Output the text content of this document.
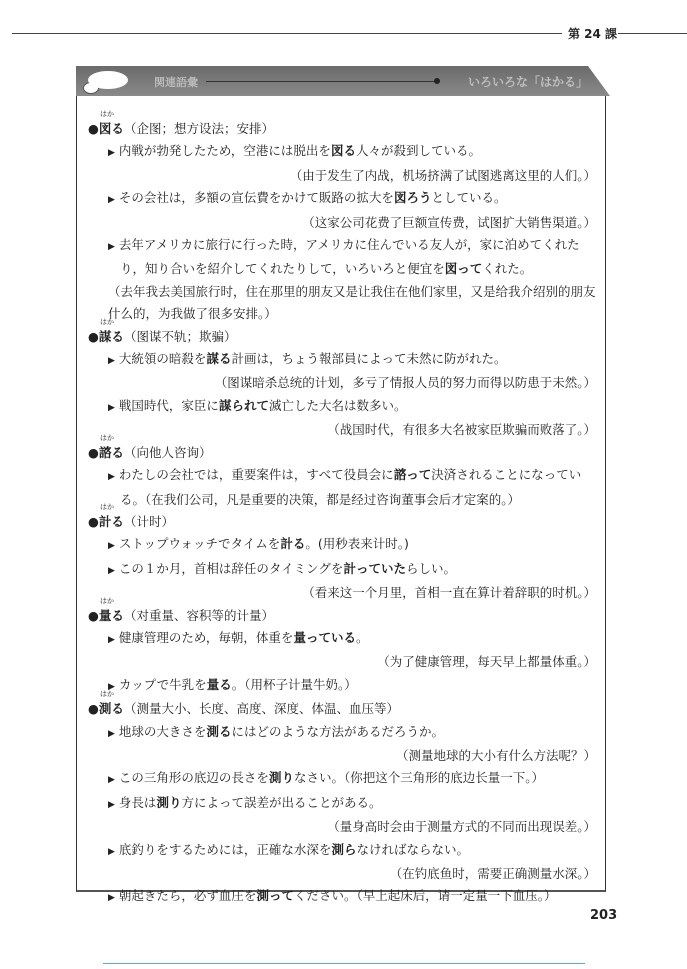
第 24 課
関連語彙	いろいろな「はかる」
●
はか
図る（企图；想方设法；安排）
▶ 内戦が勃発したため，空港には脱出を図る人々が殺到している。
（由于发生了内战，机场挤满了试图逃离这里的人们。）
▶ その会社は，多額の宣伝費をかけて販路の拡大を図ろうとしている。
（这家公司花费了巨额宣传费，试图扩大销售渠道。）
▶ 去年アメリカに旅行に行った時，アメリカに住んでいる友人が，家に泊めてくれたり，知り合いを紹介してくれたりして，いろいろと便宜を図ってくれた。
（去年我去美国旅行时，住在那里的朋友又是让我住在他们家里，又是给我介绍别的朋友什么的，为我做了很多安排。）
●
はか
謀る（图谋不轨；欺骗）
▶ 大統領の暗殺を謀る計画は，ちょう報部員によって未然に防がれた。
（图谋暗杀总统的计划，多亏了情报人员的努力而得以防患于未然。）
▶ 戦国時代，家臣に謀られて滅亡した大名は数多い。
（战国时代，有很多大名被家臣欺骗而败落了。）
●
はか
諮る（向他人咨询）
▶ わたしの会社では，重要案件は，すべて役員会に諮って決済されることになっている。（在我们公司，凡是重要的决策，都是经过咨询董事会后才定案的。）
●
はか
計る（计时）
▶ ストップウォッチでタイムを計る。(用秒表来计时。)
▶ この１か月，首相は辞任のタイミングを計っていたらしい。
（看来这一个月里，首相一直在算计着辞职的时机。）
●
はか
量る（对重量、容积等的计量）
▶ 健康管理のため，毎朝，体重を量っている。
（为了健康管理，每天早上都量体重。）
▶ カップで牛乳を量る。（用杯子计量牛奶。）
●
はか
測る（测量大小、长度、高度、深度、体温、血压等）
▶ 地球の大きさを測るにはどのような方法があるだろうか。
（测量地球的大小有什么方法呢？）
▶ この三角形の底辺の長さを測りなさい。（你把这个三角形的底边长量一下。）
▶ 身長は測り方によって誤差が出ることがある。
（量身高时会由于测量方式的不同而出现误差。）
▶ 底釣りをするためには，正確な水深を測らなければならない。
（在钓底鱼时，需要正确测量水深。）
▶ 朝起きたら，必ず血圧を測ってください。（早上起床后，请一定量一下血压。）
203
